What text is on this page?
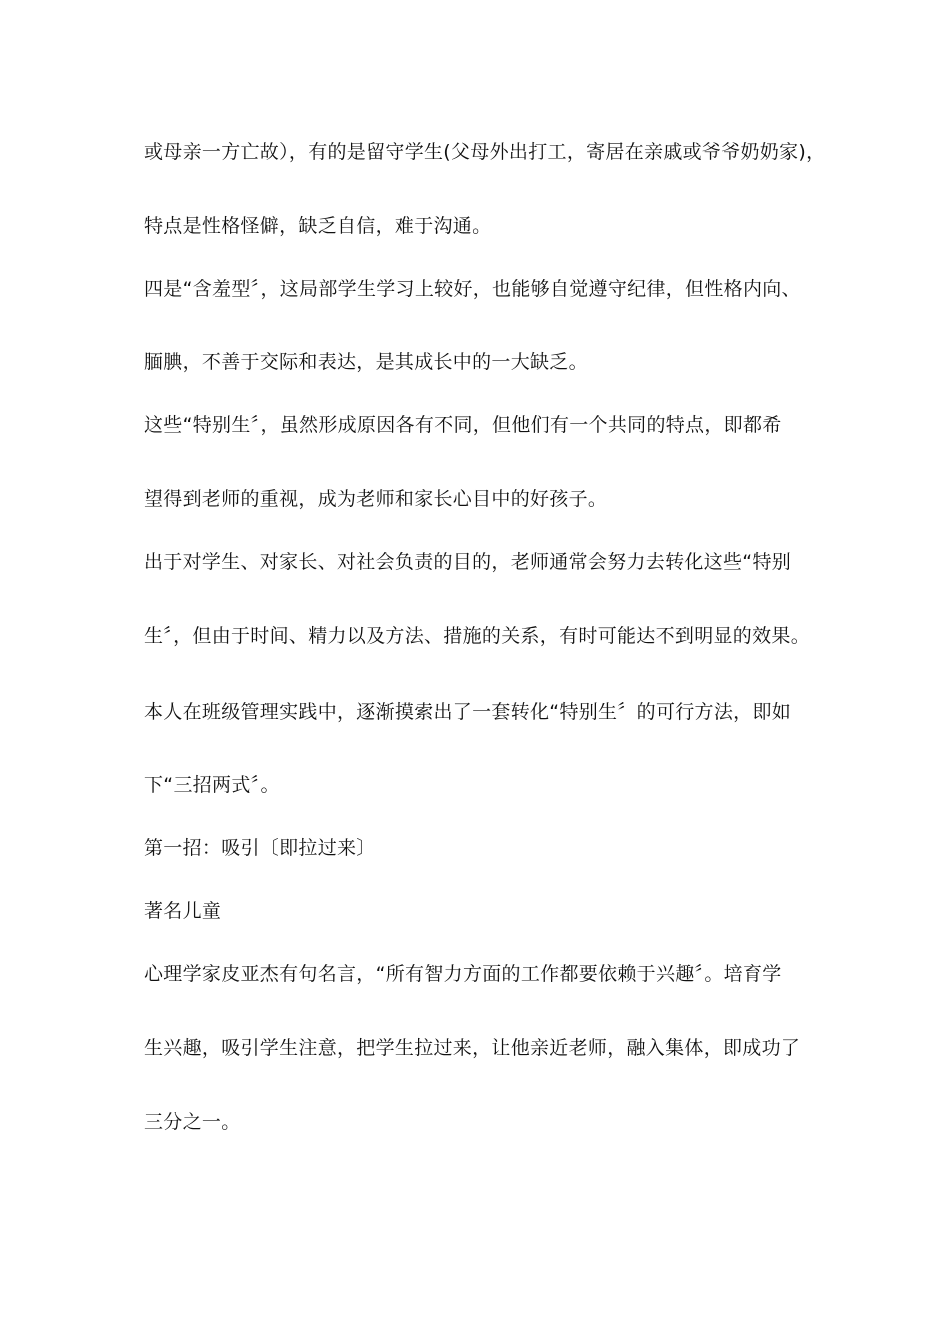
或母亲一方亡故），有的是留守学生(父母外出打工，寄居在亲戚或爷爷奶奶家)，

特点是性格怪僻，缺乏自信，难于沟通。

四是“含羞型〞，这局部学生学习上较好，也能够自觉遵守纪律，但性格内向、

腼腆，不善于交际和表达，是其成长中的一大缺乏。

这些“特别生〞，虽然形成原因各有不同，但他们有一个共同的特点，即都希

望得到老师的重视，成为老师和家长心目中的好孩子。

出于对学生、对家长、对社会负责的目的，老师通常会努力去转化这些“特别

生〞，但由于时间、精力以及方法、措施的关系，有时可能达不到明显的效果。

本人在班级管理实践中，逐渐摸索出了一套转化“特别生〞的可行方法，即如

下“三招两式〞。

第一招：吸引〔即拉过来〕

著名儿童

心理学家皮亚杰有句名言，“所有智力方面的工作都要依赖于兴趣〞。培育学

生兴趣，吸引学生注意，把学生拉过来，让他亲近老师，融入集体，即成功了

三分之一。
